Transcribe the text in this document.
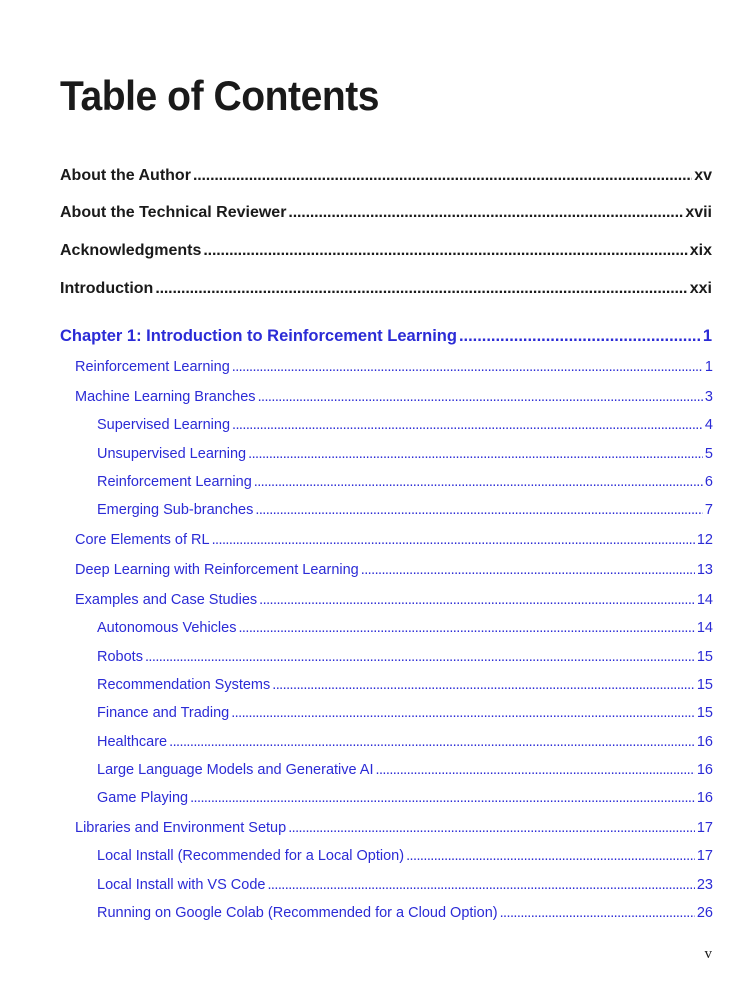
Table of Contents
About the Author . . .	xv
About the Technical Reviewer . . .	xvii
Acknowledgments . . .	xix
Introduction . . .	xxi
Chapter 1: Introduction to Reinforcement Learning . . .	1
Reinforcement Learning . . .	1
Machine Learning Branches . . .	3
Supervised Learning . . .	4
Unsupervised Learning . . .	5
Reinforcement Learning . . .	6
Emerging Sub-branches . . .	7
Core Elements of RL . . .	12
Deep Learning with Reinforcement Learning . . .	13
Examples and Case Studies . . .	14
Autonomous Vehicles . . .	14
Robots . . .	15
Recommendation Systems . . .	15
Finance and Trading . . .	15
Healthcare . . .	16
Large Language Models and Generative AI . . .	16
Game Playing . . .	16
Libraries and Environment Setup . . .	17
Local Install (Recommended for a Local Option) . . .	17
Local Install with VS Code . . .	23
Running on Google Colab (Recommended for a Cloud Option) . . .	26
v
